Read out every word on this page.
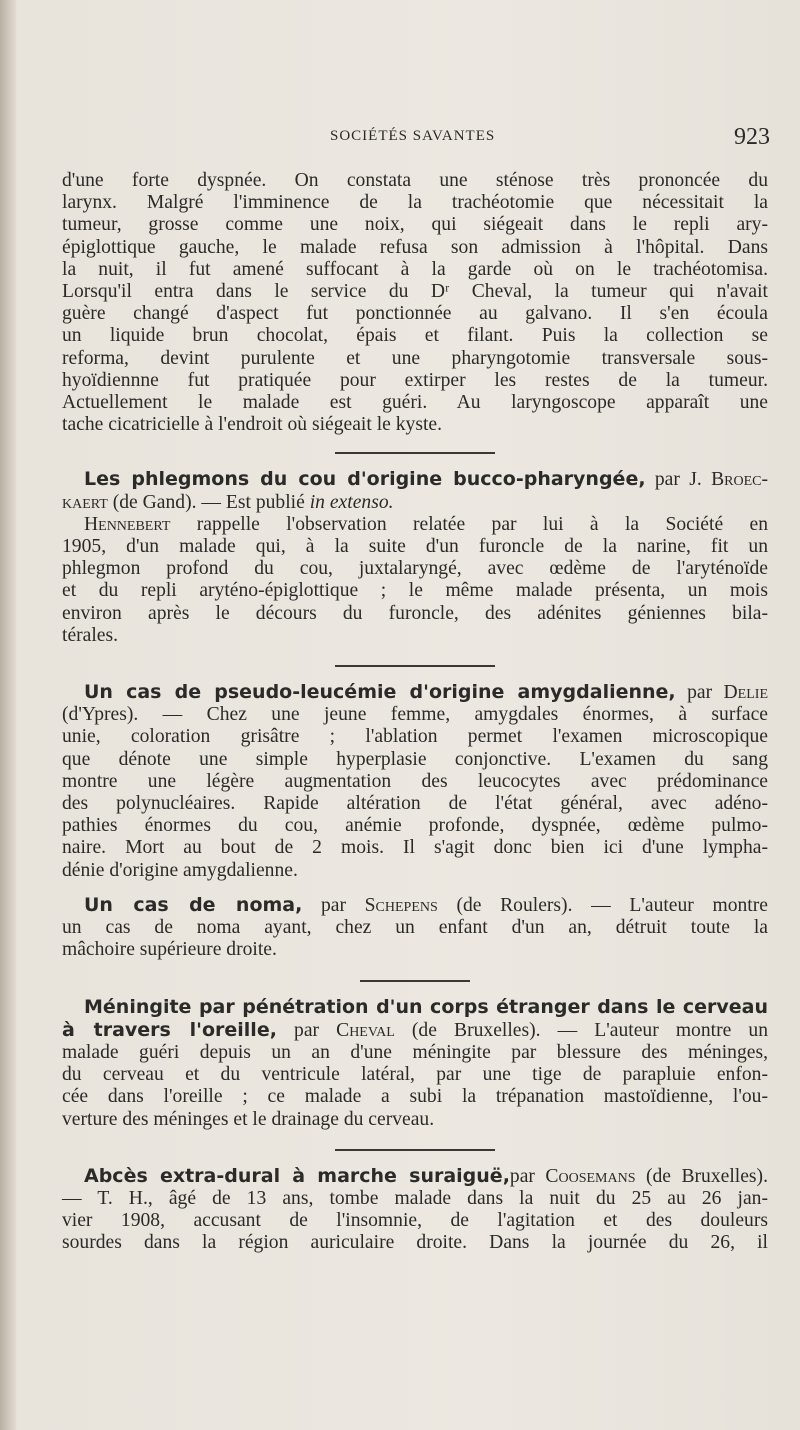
SOCIÉTÉS SAVANTES	923
d'une forte dyspnée. On constata une sténose très prononcée du
larynx. Malgré l'imminence de la trachéotomie que nécessitait la
tumeur, grosse comme une noix, qui siégeait dans le repli ary-
épiglottique gauche, le malade refusa son admission à l'hôpital. Dans
la nuit, il fut amené suffocant à la garde où on le trachéotomisa.
Lorsqu'il entra dans le service du Dʳ Cheval, la tumeur qui n'avait
guère changé d'aspect fut ponctionnée au galvano. Il s'en écoula
un liquide brun chocolat, épais et filant. Puis la collection se
reforma, devint purulente et une pharyngotomie transversale sous-
hyoïdiennne fut pratiquée pour extirper les restes de la tumeur.
Actuellement le malade est guéri. Au laryngoscope apparaît une
tache cicatricielle à l'endroit où siégeait le kyste.
Les phlegmons du cou d'origine bucco-pharyngée, par J. Broec-
kaert (de Gand). — Est publié in extenso.
Hennebert rappelle l'observation relatée par lui à la Société en
1905, d'un malade qui, à la suite d'un furoncle de la narine, fit un
phlegmon profond du cou, juxtalaryngé, avec œdème de l'aryténoïde
et du repli aryténo-épiglottique ; le même malade présenta, un mois
environ après le décours du furoncle, des adénites géniennes bila-
térales.
Un cas de pseudo-leucémie d'origine amygdalienne, par Delie
(d'Ypres). — Chez une jeune femme, amygdales énormes, à surface
unie, coloration grisâtre ; l'ablation permet l'examen microscopique
que dénote une simple hyperplasie conjonctive. L'examen du sang
montre une légère augmentation des leucocytes avec prédominance
des polynucléaires. Rapide altération de l'état général, avec adéno-
pathies énormes du cou, anémie profonde, dyspnée, œdème pulmo-
naire. Mort au bout de 2 mois. Il s'agit donc bien ici d'une lympha-
dénie d'origine amygdalienne.
Un cas de noma, par Schepens (de Roulers). — L'auteur montre
un cas de noma ayant, chez un enfant d'un an, détruit toute la
mâchoire supérieure droite.
Méningite par pénétration d'un corps étranger dans le cerveau
à travers l'oreille, par Cheval (de Bruxelles). — L'auteur montre un
malade guéri depuis un an d'une méningite par blessure des méninges,
du cerveau et du ventricule latéral, par une tige de parapluie enfon-
cée dans l'oreille ; ce malade a subi la trépanation mastoïdienne, l'ou-
verture des méninges et le drainage du cerveau.
Abcès extra-dural à marche suraiguë,par Coosemans (de Bruxelles).
— T. H., âgé de 13 ans, tombe malade dans la nuit du 25 au 26 jan-
vier 1908, accusant de l'insomnie, de l'agitation et des douleurs
sourdes dans la région auriculaire droite. Dans la journée du 26, il
